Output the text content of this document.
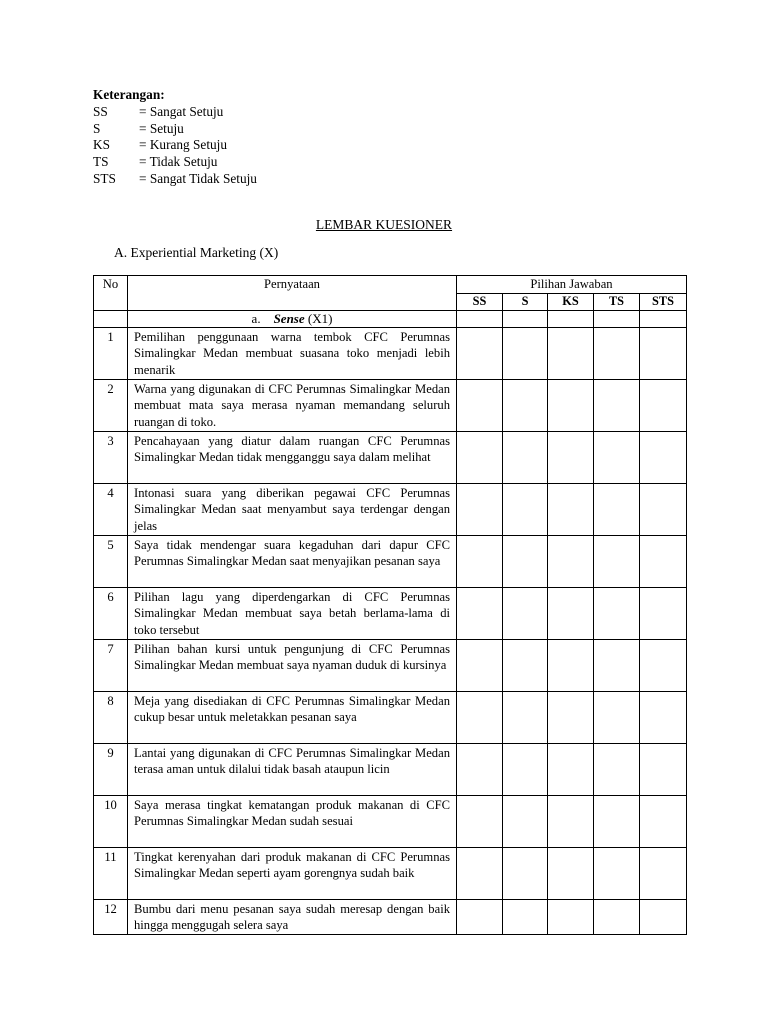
Keterangan:
SS	= Sangat Setuju
S	= Setuju
KS	= Kurang Setuju
TS	= Tidak Setuju
STS	= Sangat Tidak Setuju
LEMBAR KUESIONER
A. Experiential Marketing (X)
No	Pernyataan	Pilihan Jawaban				
		SS	S	KS	TS	STS
	a. Sense (X1)					
1	Pemilihan penggunaan warna tembok CFC Perumnas Simalingkar Medan membuat suasana toko menjadi lebih menarik					
2	Warna yang digunakan di CFC Perumnas Simalingkar Medan membuat mata saya merasa nyaman memandang seluruh ruangan di toko.					
3	Pencahayaan yang diatur dalam ruangan CFC Perumnas Simalingkar Medan tidak mengganggu saya dalam melihat					
4	Intonasi suara yang diberikan pegawai CFC Perumnas Simalingkar Medan saat menyambut saya terdengar dengan jelas					
5	Saya tidak mendengar suara kegaduhan dari dapur CFC Perumnas Simalingkar Medan saat menyajikan pesanan saya					
6	Pilihan lagu yang diperdengarkan di CFC Perumnas Simalingkar Medan membuat saya betah berlama-lama di toko tersebut					
7	Pilihan bahan kursi untuk pengunjung di CFC Perumnas Simalingkar Medan membuat saya nyaman duduk di kursinya					
8	Meja yang disediakan di CFC Perumnas Simalingkar Medan cukup besar untuk meletakkan pesanan saya					
9	Lantai yang digunakan di CFC Perumnas Simalingkar Medan terasa aman untuk dilalui tidak basah ataupun licin					
10	Saya merasa tingkat kematangan produk makanan di CFC Perumnas Simalingkar Medan sudah sesuai					
11	Tingkat kerenyahan dari produk makanan di CFC Perumnas Simalingkar Medan seperti ayam gorengnya sudah baik					
12	Bumbu dari menu pesanan saya sudah meresap dengan baik hingga menggugah selera saya					
